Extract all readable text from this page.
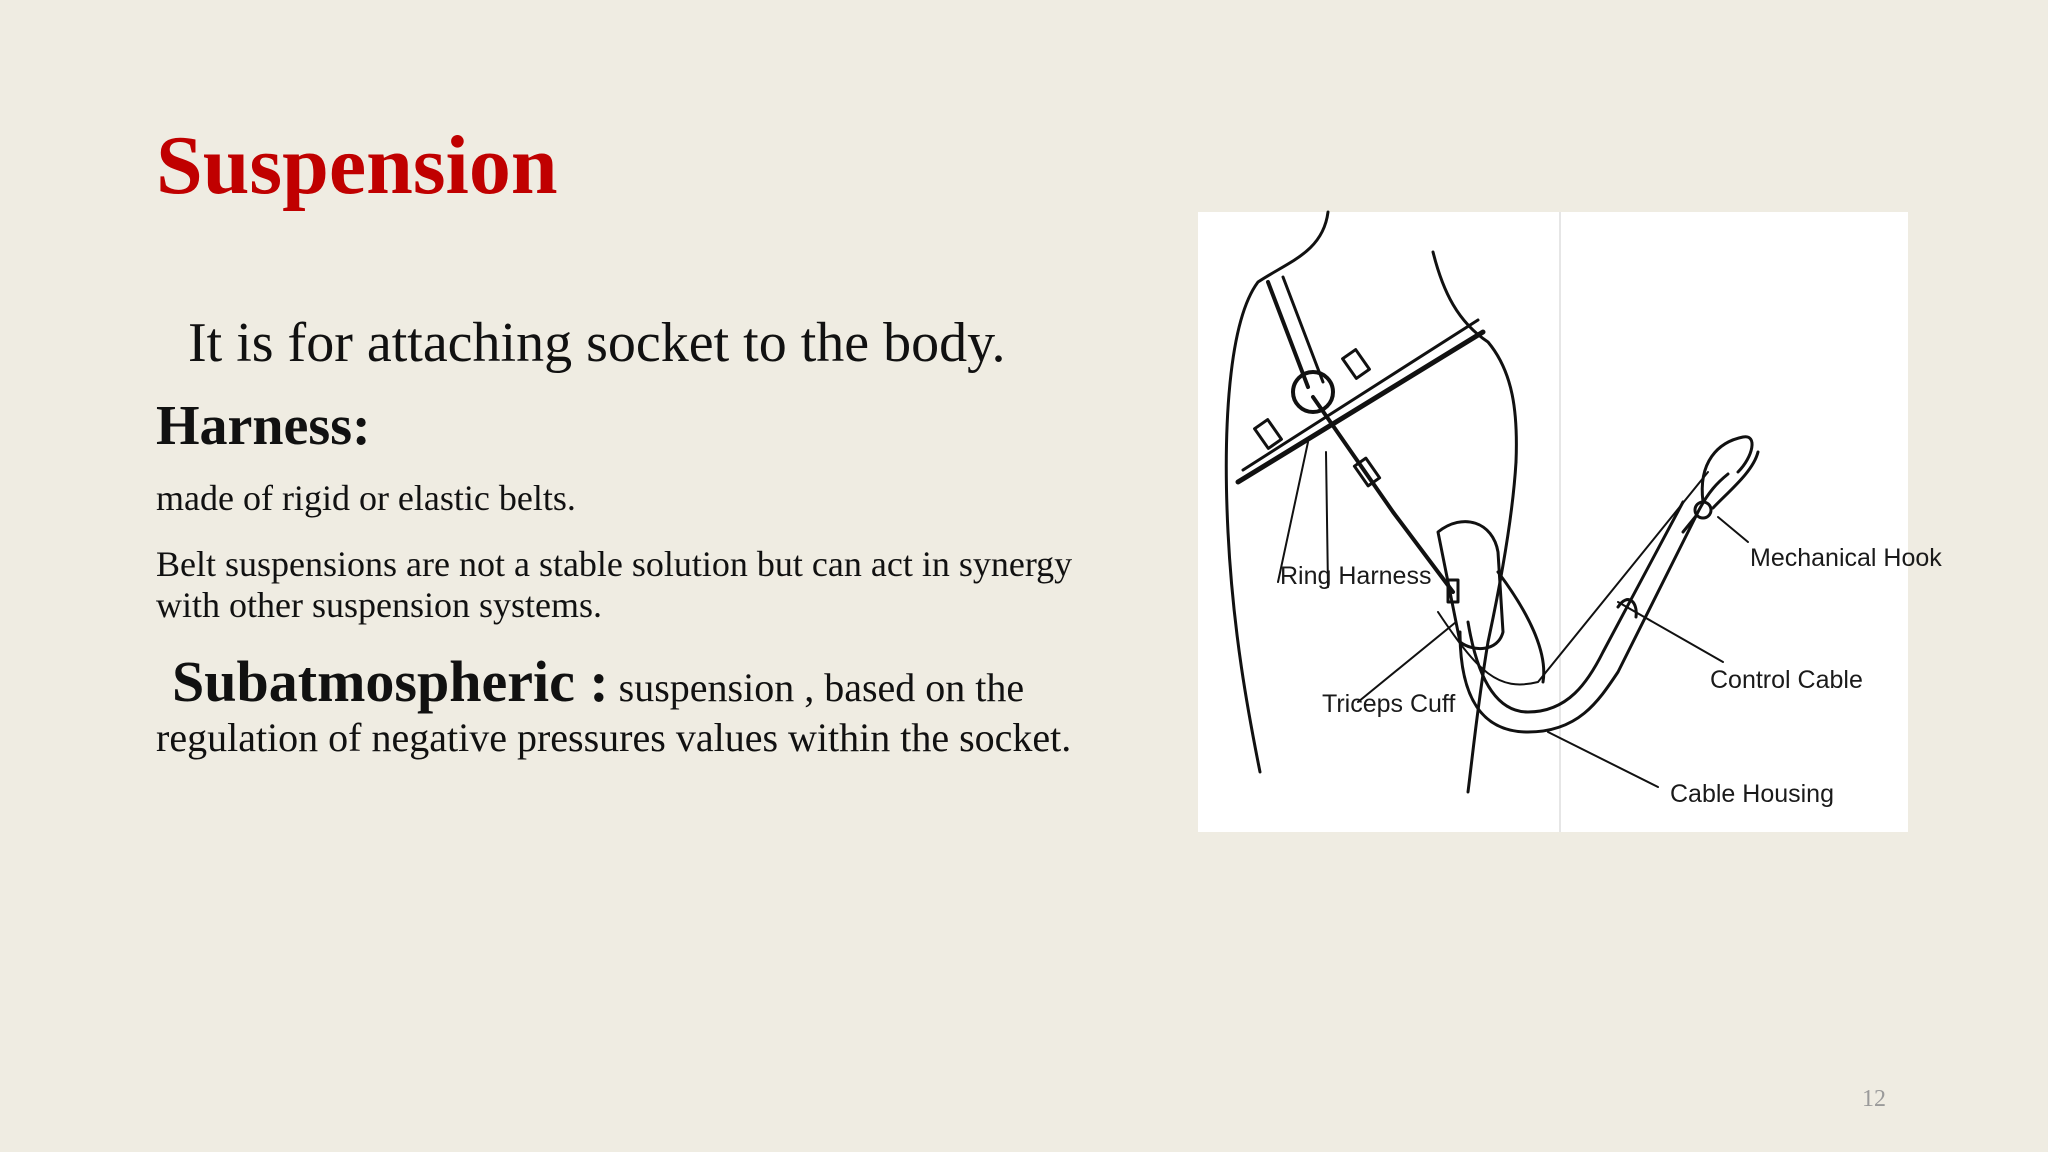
Suspension

It is for attaching socket to the body.

Harness:

made of rigid or elastic belts.

Belt suspensions are not a stable solution but can act in synergy with other suspension systems.

Subatmospheric : suspension , based on the regulation of negative pressures values within the socket.

Ring Harness
Triceps Cuff
Mechanical Hook
Control Cable
Cable Housing
12
